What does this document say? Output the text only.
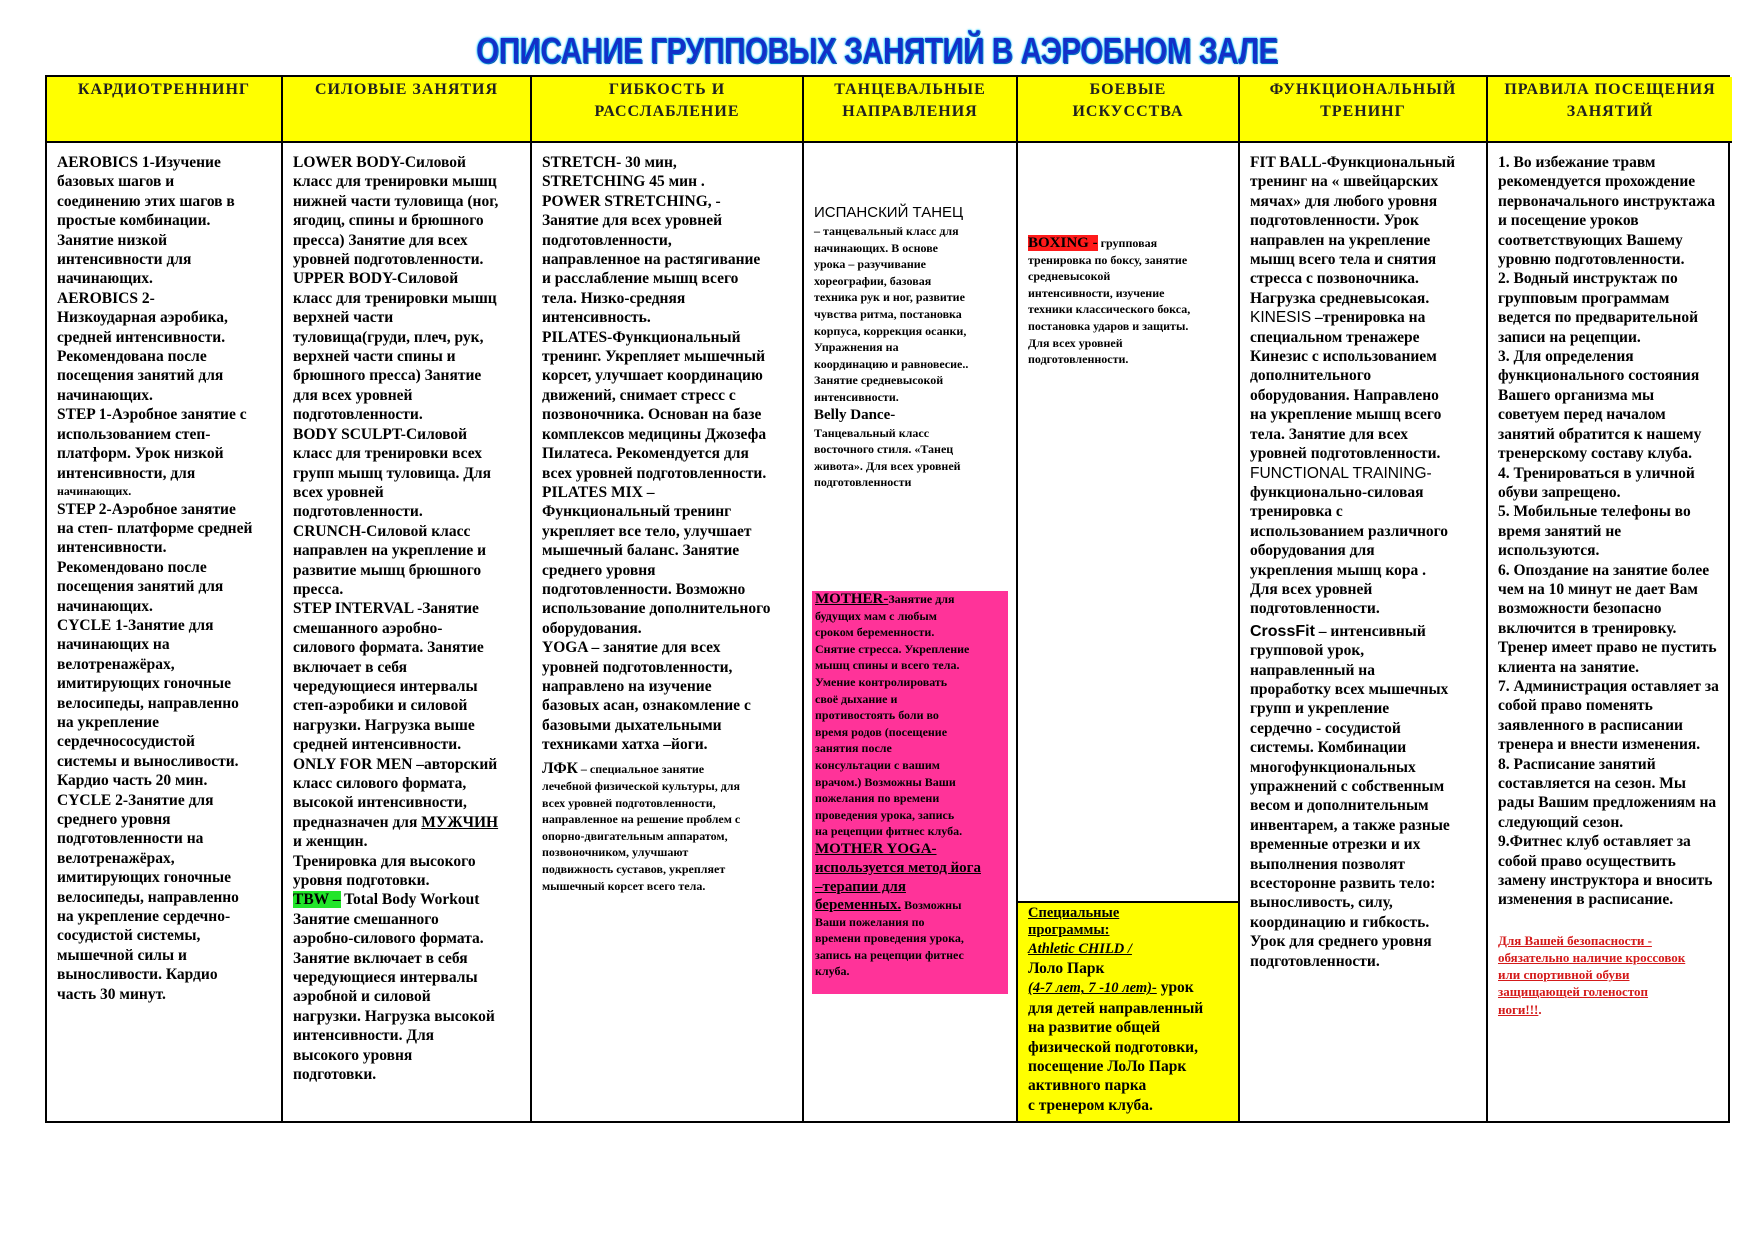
ОПИСАНИЕ ГРУППОВЫХ ЗАНЯТИЙ В АЭРОБНОМ ЗАЛЕ
КАРДИОТРЕННИНГ

AEROBICS 1-Изучение

базовых шагов и

соединению этих шагов в

простые комбинации.

Занятие низкой

интенсивности для

начинающих.

AEROBICS 2-

Низкоударная аэробика,

средней интенсивности.

Рекомендована после

посещения занятий для

начинающих.

STEP 1-Аэробное занятие с

использованием степ-

платформ. Урок низкой

интенсивности, для

начинающих.

STEP 2-Аэробное занятие

на степ- платформе средней

интенсивности.

Рекомендовано после

посещения занятий для начинающих.

CYCLE 1-Занятие для

начинающих на

велотренажёрах,

имитирующих гоночные

велосипеды, направленно

на укрепление

сердечнососудистой

системы и выносливости.

Кардио часть 20 мин.

CYCLE 2-Занятие для

среднего уровня

подготовленности на

велотренажёрах,

имитирующих гоночные

велосипеды, направленно

на укрепление сердечно-

сосудистой системы,

мышечной силы и

выносливости. Кардио

часть 30 минут.

СИЛОВЫЕ ЗАНЯТИЯ

LOWER BODY-Силовой

класс для тренировки мышц

нижней части туловища (ног,

ягодиц, спины и брюшного

пресса) Занятие для всех

уровней подготовленности.

UPPER BODY-Силовой

класс для тренировки мышц

верхней части

туловища(груди, плеч, рук,

верхней части спины и

брюшного пресса) Занятие

для всех уровней

подготовленности.

BODY SCULPT-Силовой

класс для тренировки всех

групп мышц туловища. Для

всех уровней

подготовленности.

CRUNCH-Силовой класс

направлен на укрепление и

развитие мышц брюшного

пресса.

STEP INTERVAL -Занятие

смешанного аэробно-

силового формата. Занятие

включает в себя

чередующиеся интервалы

степ-аэробики и силовой

нагрузки. Нагрузка выше

средней интенсивности.

ONLY FOR MEN –авторский

класс силового формата,

высокой интенсивности,

предназначен для МУЖЧИН

и женщин.

Тренировка для высокого

уровня подготовки.

TBW – Total Body Workout

Занятие смешанного

аэробно-силового формата.

Занятие включает в себя

чередующиеся интервалы

аэробной и силовой

нагрузки. Нагрузка высокой

интенсивности. Для

высокого уровня

подготовки.

ГИБКОСТЬ И
РАССЛАБЛЕНИЕ

STRETCH- 30 мин,

STRETCHING 45 мин .

POWER STRETCHING, -

Занятие для всех уровней

подготовленности,

направленное на растягивание

и расслабление мышц всего

тела. Низко-средняя

интенсивность.

PILATES-Функциональный

тренинг. Укрепляет мышечный

корсет, улучшает координацию

движений, снимает стресс с

позвоночника. Основан на базе

комплексов медицины Джозефа

Пилатеса. Рекомендуется для

всех уровней подготовленности.

PILATES MIX –

Функциональный тренинг

укрепляет все тело, улучшает

мышечный баланс. Занятие

среднего уровня

подготовленности. Возможно

использование дополнительного

оборудования.

YOGA – занятие для всех

уровней подготовленности,

направлено на изучение

базовых асан, ознакомление с

базовыми дыхательными

техниками хатха –йоги.

ЛФК – специальное занятие

лечебной физической культуры, для

всех уровней подготовленности,

направленное на решение проблем с

опорно-двигательным аппаратом,

позвоночником, улучшают

подвижность суставов, укрепляет

мышечный корсет всего тела.

ТАНЦЕВАЛЬНЫЕ
НАПРАВЛЕНИЯ

ИСПАНСКИЙ ТАНЕЦ

– танцевальный класс для

начинающих. В основе

урока – разучивание

хореографии, базовая

техника рук и ног, развитие

чувства ритма, постановка

корпуса, коррекция осанки,

Упражнения на

координацию и равновесие..

Занятие средневысокой

интенсивности.

Belly Dance-

Танцевальный класс

восточного стиля. «Танец

живота». Для всех уровней

подготовленности

MOTHER-Занятие для

будущих мам с любым

сроком беременности.

Снятие стресса. Укрепление

мышц спины и всего тела.

Умение контролировать

своё дыхание и

противостоять боли во

время родов (посещение

занятия после

консультации с вашим

врачом.) Возможны Ваши

пожелания по времени

проведения урока, запись

на рецепции фитнес клуба.

MOTHER YOGA-

используется метод йога

–терапии для

беременных. Возможны

Ваши пожелания по

времени проведения урока,

запись на рецепции фитнес

клуба.

БОЕВЫЕ
ИСКУССТВА

BOXING - групповая

тренировка по боксу, занятие

средневысокой

интенсивности, изучение

техники классического бокса,

постановка ударов и защиты.

Для всех уровней

подготовленности.

Специальные

программы:

Athletic CHILD /

Лоло Парк

(4-7 лет, 7 -10 лет)- урок

для детей направленный

на развитие общей

физической подготовки,

посещение ЛоЛо Парк

активного парка

с тренером клуба.

ФУНКЦИОНАЛЬНЫЙ
ТРЕНИНГ

FIT BALL-Функциональный

тренинг на « швейцарских

мячах» для любого уровня

подготовленности. Урок

направлен на укрепление

мышц всего тела и снятия

стресса с позвоночника.

Нагрузка средневысокая.

KINESIS –тренировка на

специальном тренажере

Кинезис с использованием

дополнительного

оборудования. Направлено

на укрепление мышц всего

тела. Занятие для всех

уровней подготовленности.

FUNCTIONAL TRAINING-

функционально-силовая

тренировка с

использованием различного

оборудования для

укрепления мышц кора .

Для всех уровней

подготовленности.

CrossFit – интенсивный

групповой урок,

направленный на

проработку всех мышечных

групп и укрепление

сердечно - сосудистой

системы. Комбинации

многофункциональных

упражнений с собственным

весом и дополнительным

инвентарем, а также разные

временные отрезки и их

выполнения позволят

всесторонне развить тело:

выносливость, силу,

координацию и гибкость.

Урок для среднего уровня

подготовленности.

ПРАВИЛА ПОСЕЩЕНИЯ
ЗАНЯТИЙ

1. Во избежание травм

рекомендуется прохождение

первоначального инструктажа

и посещение уроков

соответствующих Вашему

уровню подготовленности.

2. Водный инструктаж по

групповым программам

ведется по предварительной

записи на рецепции.

3. Для определения

функционального состояния

Вашего организма мы

советуем перед началом

занятий обратится к нашему

тренерскому составу клуба.

4. Тренироваться в уличной

обуви запрещено.

5. Мобильные телефоны во

время занятий не

используются.

6. Опоздание на занятие более

чем на 10 минут не дает Вам

возможности безопасно

включится в тренировку.

Тренер имеет право не пустить

клиента на занятие.

7. Администрация оставляет за

собой право поменять

заявленного в расписании

тренера и внести изменения.

8. Расписание занятий

составляется на сезон. Мы

рады Вашим предложениям на

следующий сезон.

9.Фитнес клуб оставляет за

собой право осуществить

замену инструктора и вносить

изменения в расписание.

Для Вашей безопасности -

обязательно наличие кроссовок

или спортивной обуви

защищающей голеностоп

ноги!!!.
